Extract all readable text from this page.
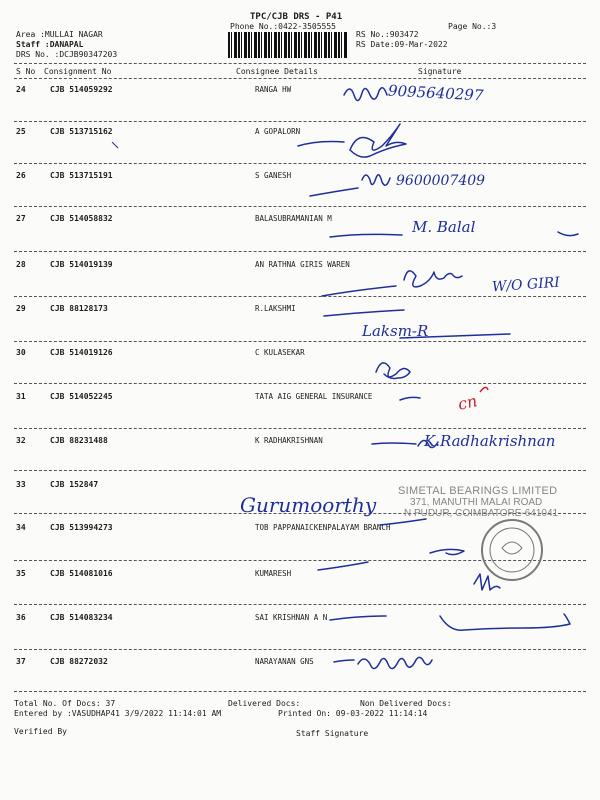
TPC/CJB DRS - P41
Phone No.:0422-3505555	Page No.:3
Area :MULLAI NAGAR
Staff :DANAPAL
DRS No. :DCJB90347203
RS No.:903472
RS Date:09-Mar-2022
S No Consignment No	Consignee Details	Signature
24	CJB 514059292	RANGA HW
25	CJB 513715162	A GOPALORN
26	CJB 513715191	S GANESH
27	CJB 514058832	BALASUBRAMANIAN M
28	CJB 514019139	AN RATHNA GIRIS WAREN
29	CJB 88128173	R.LAKSHMI
30	CJB 514019126	C KULASEKAR
31	CJB 514052245	TATA AIG GENERAL INSURANCE
32	CJB 88231488	K RADHAKRISHNAN
33	CJB 152847
34	CJB 513994273	TOB PAPPANAICKENPALAYAM BRANCH
35	CJB 514081016	KUMARESH
36	CJB 514083234	SAI KRISHNAN A N
37	CJB 88272032	NARAYANAN GNS
Total No. Of Docs: 37	Delivered Docs:	Non Delivered Docs:
Entered by :VASUDHAP41 3/9/2022 11:14:01 AM	Printed On: 09-03-2022 11:14:14
Verified By	Staff Signature
SIMETAL BEARINGS LIMITED
371, MANUTHI MALAI ROAD
N PUDUR, COIMBATORE-641041
9095640297
9600007409
M. Balal
W/O GIRI
Laksm-R
cn
K.Radhakrishnan
Gurumoorthy
